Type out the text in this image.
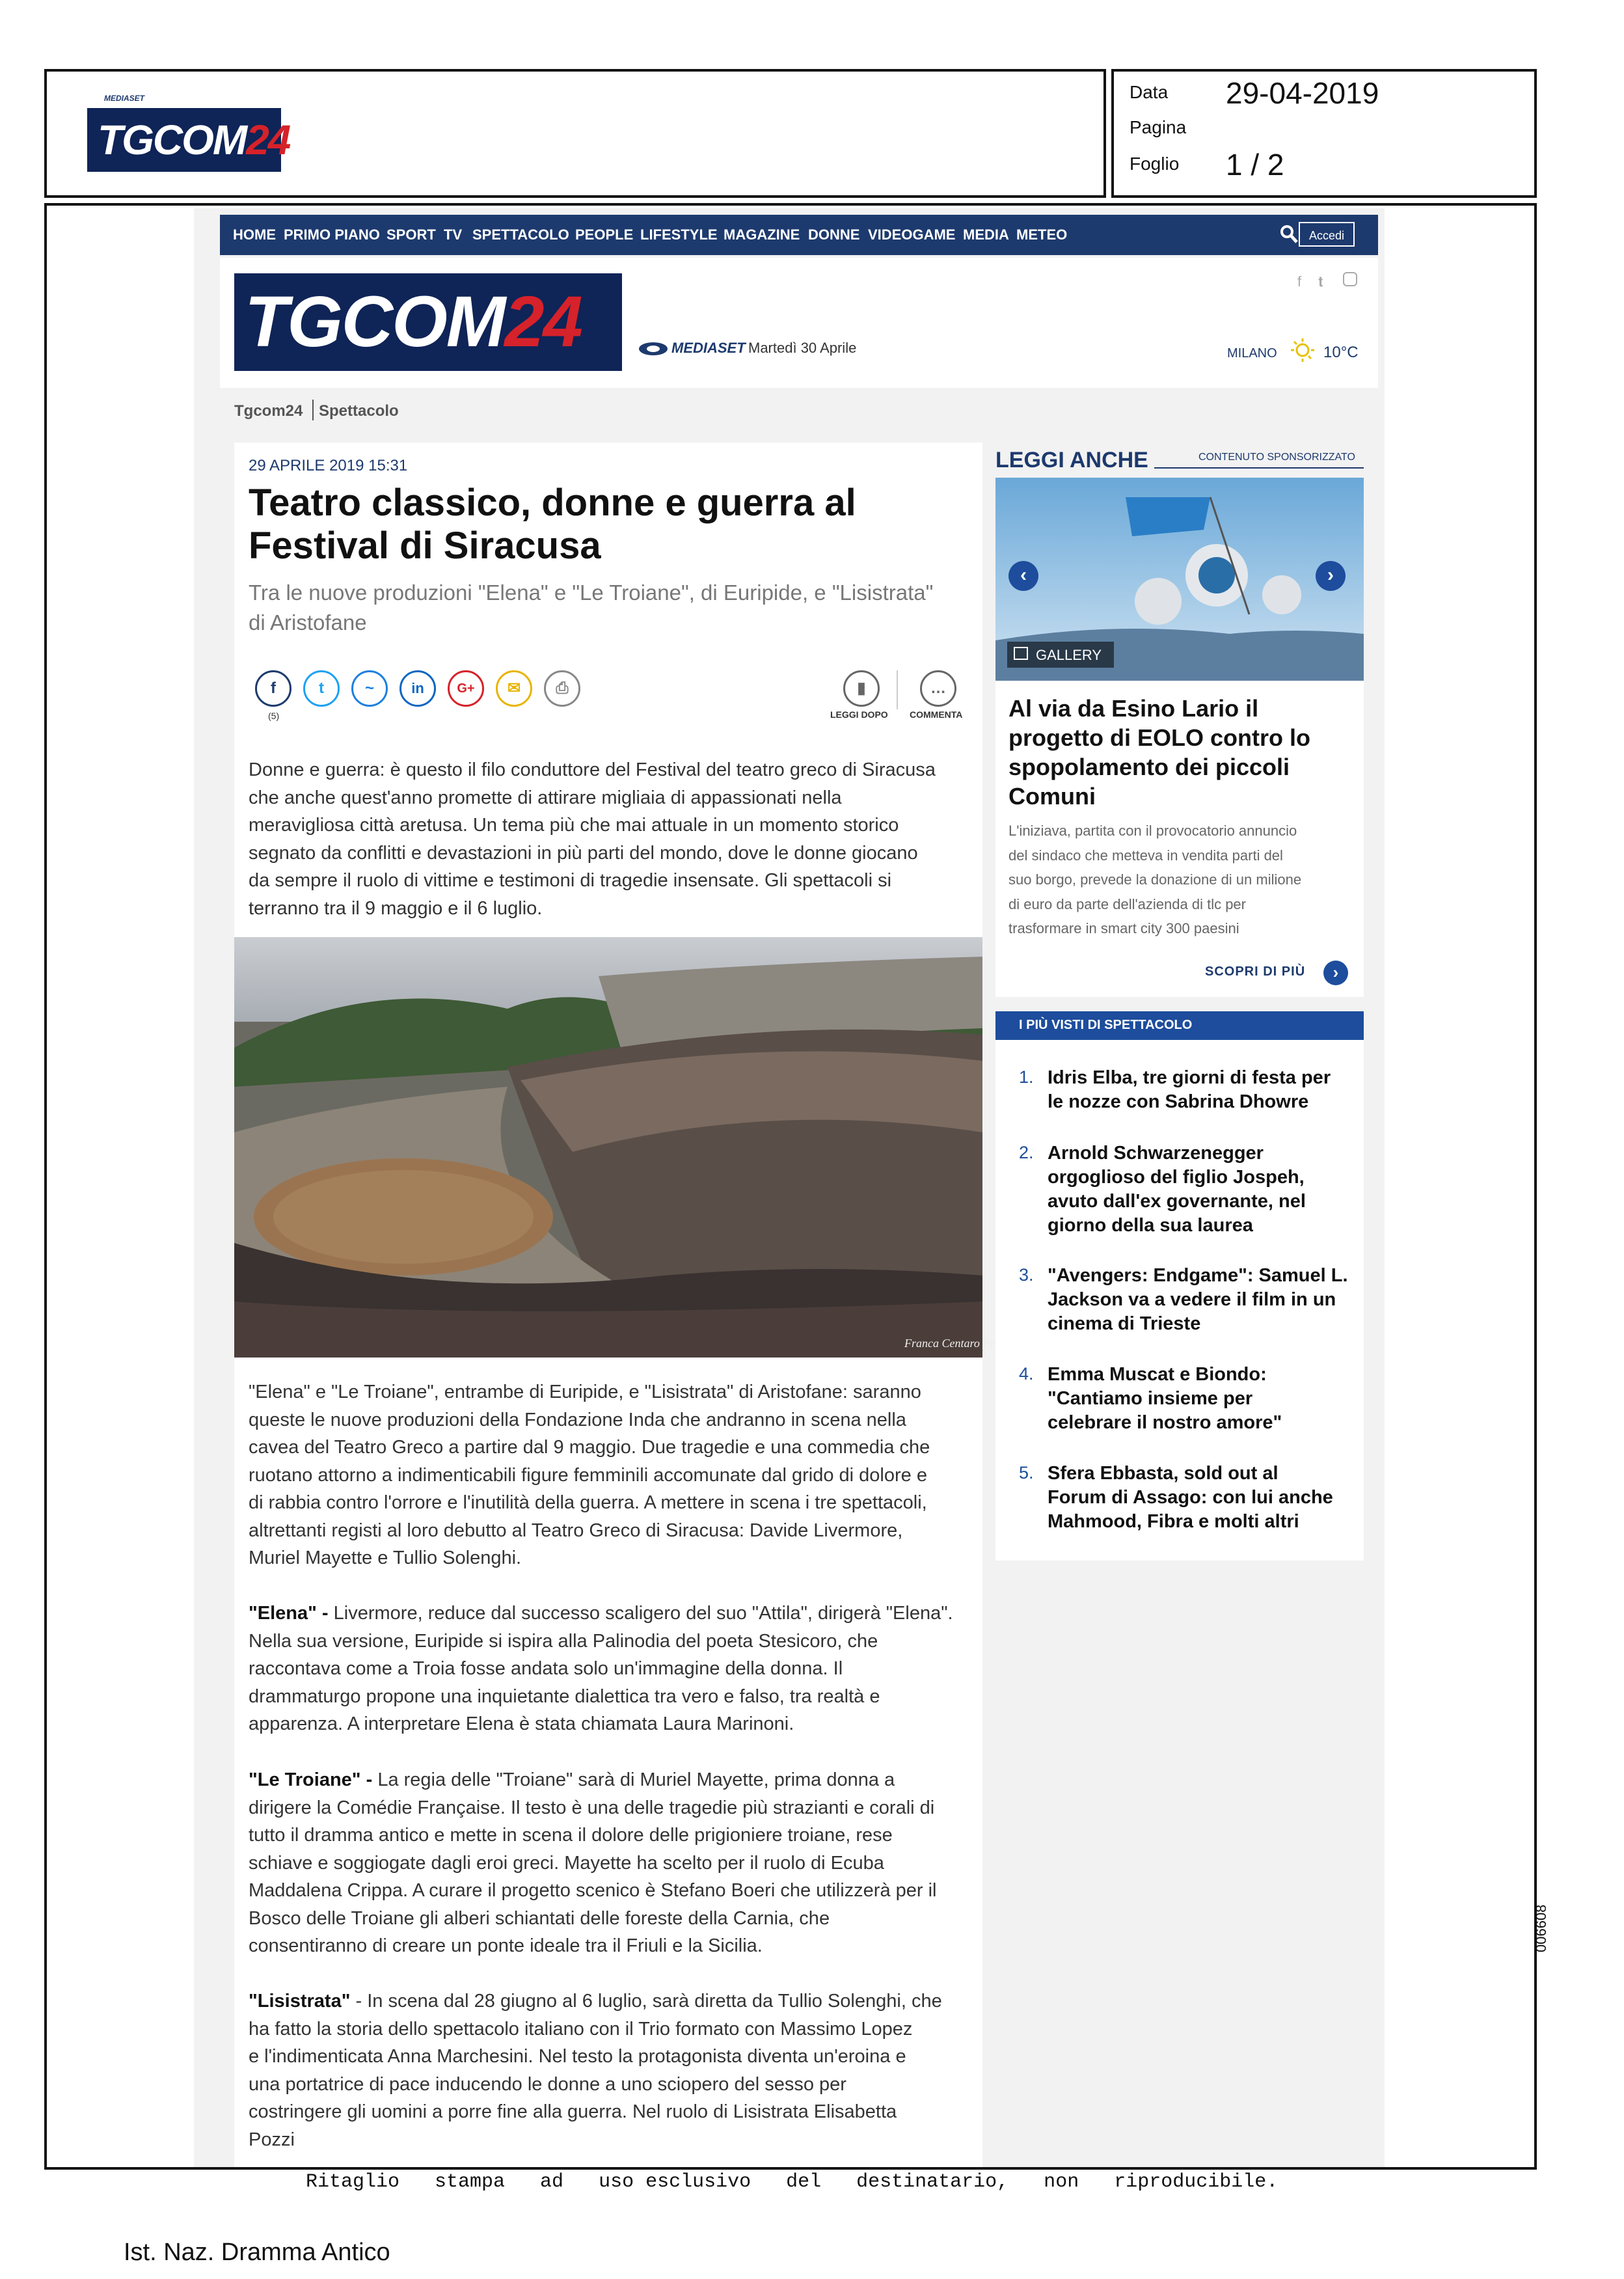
MEDIASET
TGCOM24
Data 29-04-2019
Pagina
Foglio 1 / 2
HOME PRIMO PIANO SPORT TV SPETTACOLO PEOPLE LIFESTYLE MAGAZINE DONNE VIDEOGAME MEDIA METEO	Accedi
TGCOM24	MEDIASET Martedì 30 Aprile
f 𝐭
MILANO	10°C
Tgcom24 Spettacolo
29 APRILE 2019 15:31
Teatro classico, donne e guerra al
Festival di Siracusa
Tra le nuove produzioni "Elena" e "Le Troiane", di Euripide, e "Lisistrata"
di Aristofane
f
(5)
t	~	in	G+	✉	⎙	▮
LEGGI DOPO
…
COMMENTA
Donne e guerra: è questo il filo conduttore del Festival del teatro greco di Siracusa
che anche quest'anno promette di attirare migliaia di appassionati nella
meravigliosa città aretusa. Un tema più che mai attuale in un momento storico
segnato da conflitti e devastazioni in più parti del mondo, dove le donne giocano
da sempre il ruolo di vittime e testimoni di tragedie insensate. Gli spettacoli si
terranno tra il 9 maggio e il 6 luglio.
Franca Centaro Ph
"Elena" e "Le Troiane", entrambe di Euripide, e "Lisistrata" di Aristofane: saranno
queste le nuove produzioni della Fondazione Inda che andranno in scena nella
cavea del Teatro Greco a partire dal 9 maggio. Due tragedie e una commedia che
ruotano attorno a indimenticabili figure femminili accomunate dal grido di dolore e
di rabbia contro l'orrore e l'inutilità della guerra. A mettere in scena i tre spettacoli,
altrettanti registi al loro debutto al Teatro Greco di Siracusa: Davide Livermore,
Muriel Mayette e Tullio Solenghi.
"Elena" - Livermore, reduce dal successo scaligero del suo "Attila", dirigerà "Elena".
Nella sua versione, Euripide si ispira alla Palinodia del poeta Stesicoro, che
raccontava come a Troia fosse andata solo un'immagine della donna. Il
drammaturgo propone una inquietante dialettica tra vero e falso, tra realtà e
apparenza. A interpretare Elena è stata chiamata Laura Marinoni.
"Le Troiane" - La regia delle "Troiane" sarà di Muriel Mayette, prima donna a
dirigere la Comédie Française. Il testo è una delle tragedie più strazianti e corali di
tutto il dramma antico e mette in scena il dolore delle prigioniere troiane, rese
schiave e soggiogate dagli eroi greci. Mayette ha scelto per il ruolo di Ecuba
Maddalena Crippa. A curare il progetto scenico è Stefano Boeri che utilizzerà per il
Bosco delle Troiane gli alberi schiantati delle foreste della Carnia, che
consentiranno di creare un ponte ideale tra il Friuli e la Sicilia.
"Lisistrata" - In scena dal 28 giugno al 6 luglio, sarà diretta da Tullio Solenghi, che
ha fatto la storia dello spettacolo italiano con il Trio formato con Massimo Lopez
e l'indimenticata Anna Marchesini. Nel testo la protagonista diventa un'eroina e
una portatrice di pace inducendo le donne a uno sciopero del sesso per
costringere gli uomini a porre fine alla guerra. Nel ruolo di Lisistrata Elisabetta
Pozzi
LEGGI ANCHE	CONTENUTO SPONSORIZZATO
‹	›
GALLERY
Al via da Esino Lario il
progetto di EOLO contro lo
spopolamento dei piccoli
Comuni
L'iniziava, partita con il provocatorio annuncio
del sindaco che metteva in vendita parti del
suo borgo, prevede la donazione di un milione
di euro da parte dell'azienda di tlc per
trasformare in smart city 300 paesini
SCOPRI DI PIÙ	›
I PIÙ VISTI DI SPETTACOLO
1. Idris Elba, tre giorni di festa per
le nozze con Sabrina Dhowre
2. Arnold Schwarzenegger
orgoglioso del figlio Jospeh,
avuto dall'ex governante, nel
giorno della sua laurea
3. "Avengers: Endgame": Samuel L.
Jackson va a vedere il film in un
cinema di Trieste
4. Emma Muscat e Biondo:
"Cantiamo insieme per
celebrare il nostro amore"
5. Sfera Ebbasta, sold out al
Forum di Assago: con lui anche
Mahmood, Fibra e molti altri
Ritaglio   stampa   ad   uso esclusivo   del   destinatario,   non   riproducibile.
006608
Ist. Naz. Dramma Antico
